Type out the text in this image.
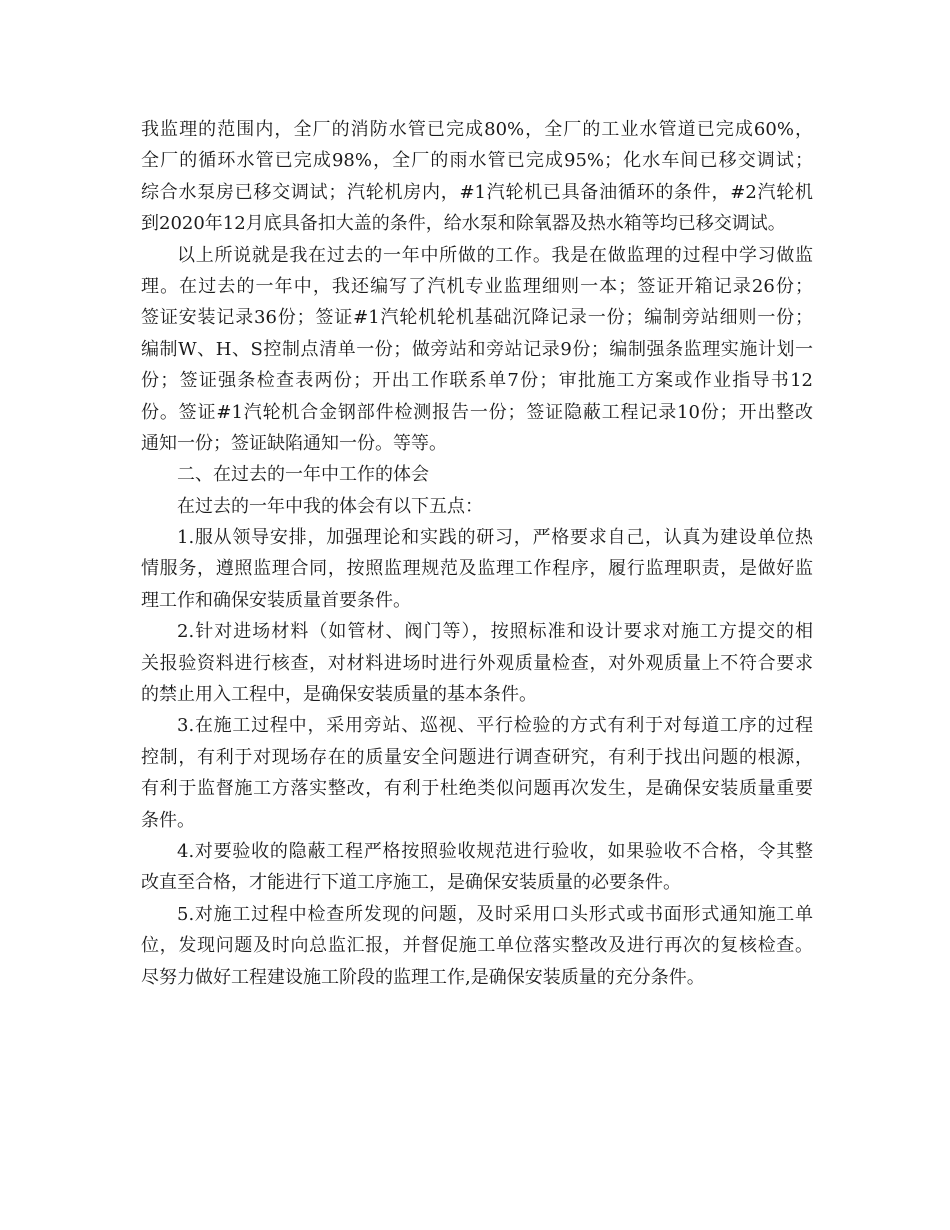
我监理的范围内，全厂的消防水管已完成80%，全厂的工业水管道已完成60%，
全厂的循环水管已完成98%，全厂的雨水管已完成95%；化水车间已移交调试；
综合水泵房已移交调试；汽轮机房内，#1汽轮机已具备油循环的条件，#2汽轮机
到2020年12月底具备扣大盖的条件，给水泵和除氧器及热水箱等均已移交调试。
以上所说就是我在过去的一年中所做的工作。我是在做监理的过程中学习做监
理。在过去的一年中，我还编写了汽机专业监理细则一本；签证开箱记录26份；
签证安装记录36份；签证#1汽轮机轮机基础沉降记录一份；编制旁站细则一份；
编制W、H、S控制点清单一份；做旁站和旁站记录9份；编制强条监理实施计划一
份；签证强条检查表两份；开出工作联系单7份；审批施工方案或作业指导书12
份。签证#1汽轮机合金钢部件检测报告一份；签证隐蔽工程记录10份；开出整改
通知一份；签证缺陷通知一份。等等。
二、在过去的一年中工作的体会
在过去的一年中我的体会有以下五点：
1.服从领导安排，加强理论和实践的研习，严格要求自己，认真为建设单位热
情服务，遵照监理合同，按照监理规范及监理工作程序，履行监理职责，是做好监
理工作和确保安装质量首要条件。
2.针对进场材料（如管材、阀门等），按照标准和设计要求对施工方提交的相
关报验资料进行核查，对材料进场时进行外观质量检查，对外观质量上不符合要求
的禁止用入工程中，是确保安装质量的基本条件。
3.在施工过程中，采用旁站、巡视、平行检验的方式有利于对每道工序的过程
控制，有利于对现场存在的质量安全问题进行调查研究，有利于找出问题的根源，
有利于监督施工方落实整改，有利于杜绝类似问题再次发生，是确保安装质量重要
条件。
4.对要验收的隐蔽工程严格按照验收规范进行验收，如果验收不合格，令其整
改直至合格，才能进行下道工序施工，是确保安装质量的必要条件。
5.对施工过程中检查所发现的问题，及时采用口头形式或书面形式通知施工单
位，发现问题及时向总监汇报，并督促施工单位落实整改及进行再次的复核检查。
尽努力做好工程建设施工阶段的监理工作,是确保安装质量的充分条件。
